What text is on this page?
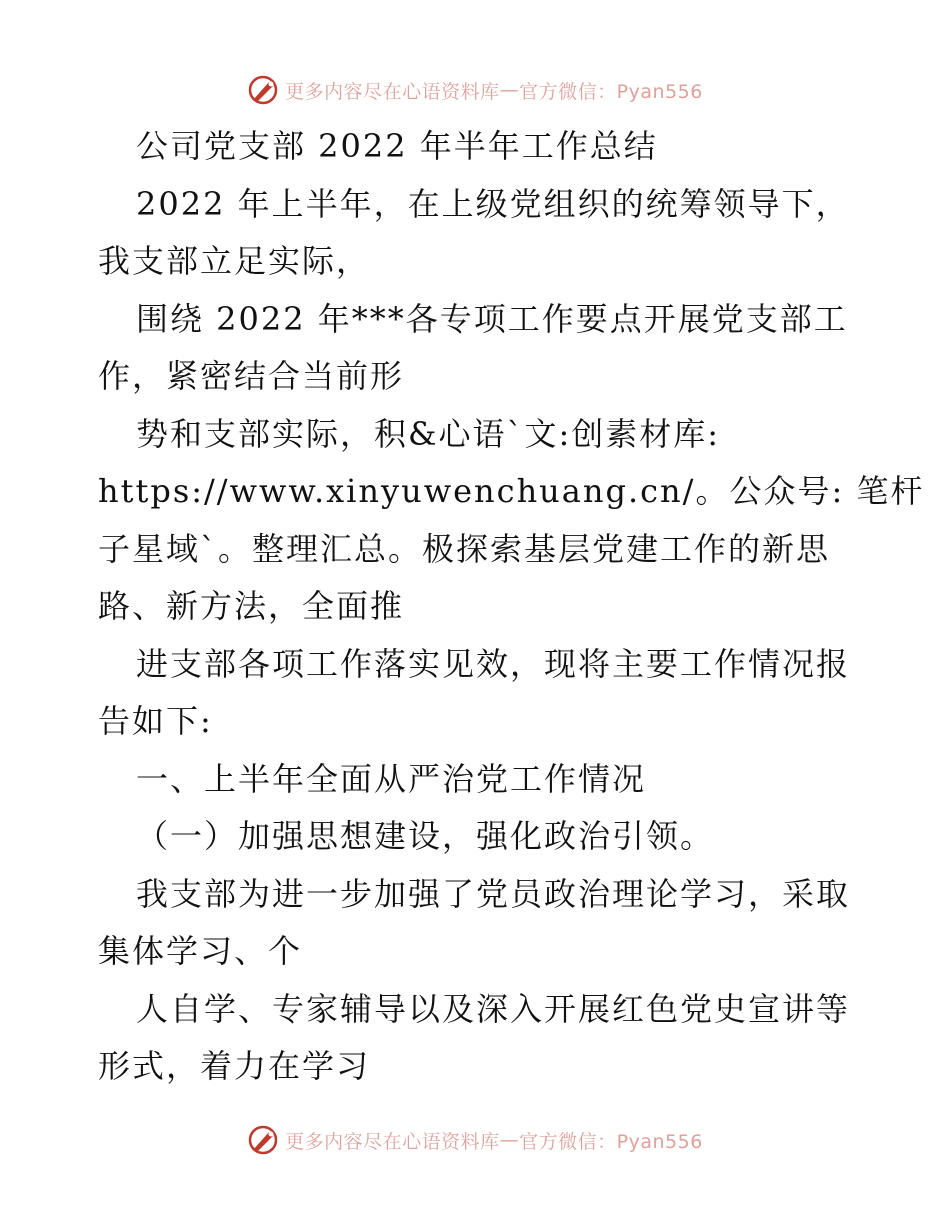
更多内容尽在心语资料库 — 官方微信：Pyan556
公司党支部 2022 年半年工作总结
2022 年上半年，在上级党组织的统筹领导下，
我支部立足实际，
围绕 2022 年***各专项工作要点开展党支部工
作，紧密结合当前形
势和支部实际，积&心语`文:创素材库:
https://www.xinyuwenchuang.cn/。公众号: 笔杆
子星域`。整理汇总。极探索基层党建工作的新思
路、新方法，全面推
进支部各项工作落实见效，现将主要工作情况报
告如下:
一、上半年全面从严治党工作情况
（一）加强思想建设，强化政治引领。
我支部为进一步加强了党员政治理论学习，采取
集体学习、个
人自学、专家辅导以及深入开展红色党史宣讲等
形式，着力在学习
更多内容尽在心语资料库 — 官方微信：Pyan556
